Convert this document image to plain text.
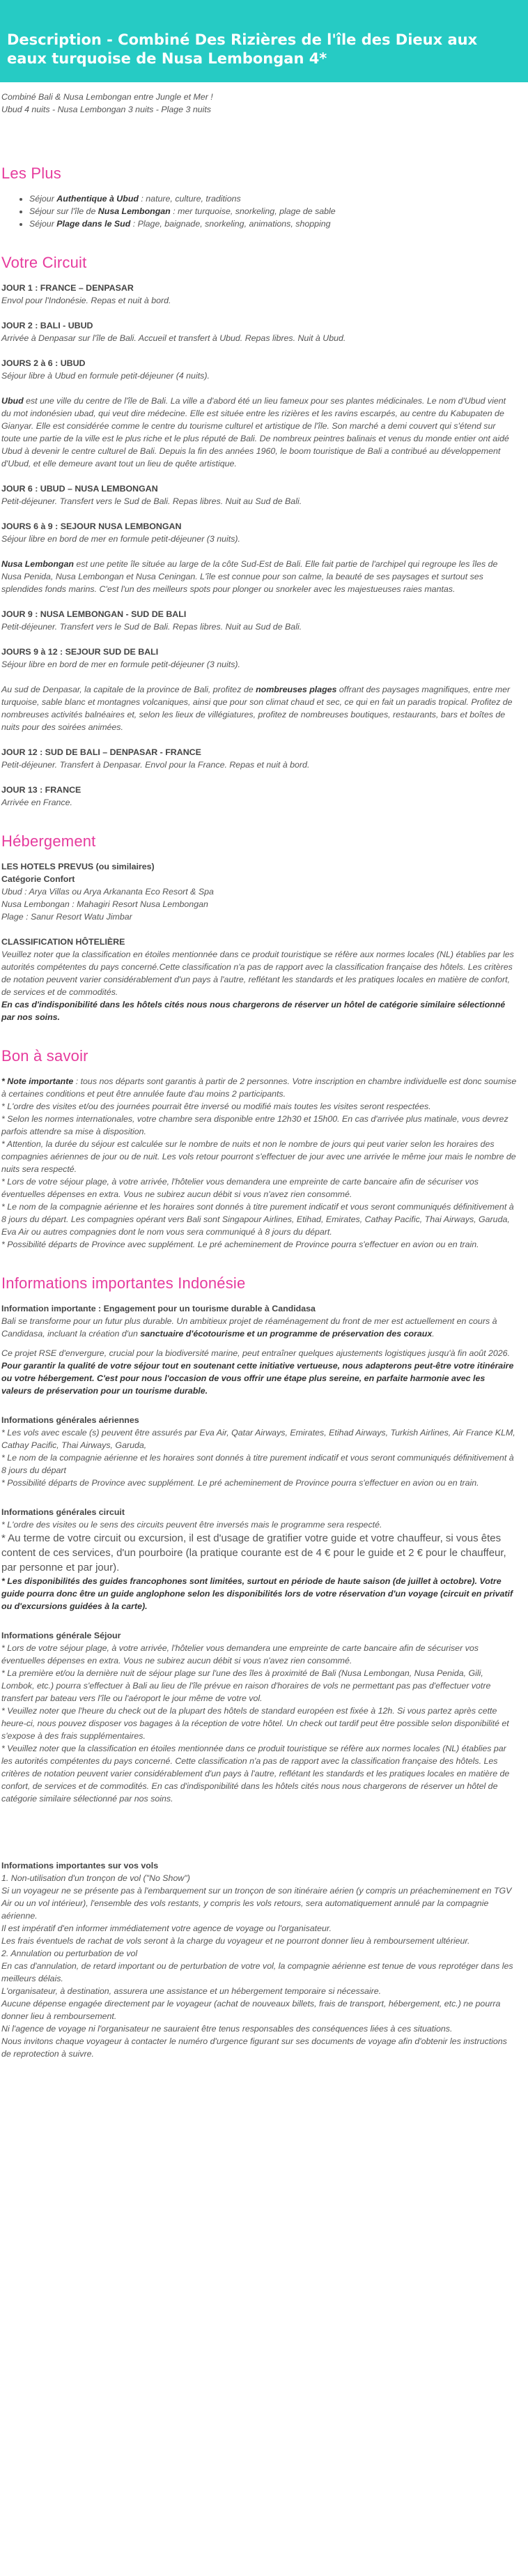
Description - Combiné Des Rizières de l'île des Dieux aux eaux turquoise de Nusa Lembongan 4*

Combiné Bali & Nusa Lembongan entre Jungle et Mer !

Ubud 4 nuits - Nusa Lembongan 3 nuits - Plage 3 nuits

Les Plus
• Séjour Authentique à Ubud : nature, culture, traditions
• Séjour sur l'île de Nusa Lembongan : mer turquoise, snorkeling, plage de sable
• Séjour Plage dans le Sud : Plage, baignade, snorkeling, animations, shopping
Votre Circuit
JOUR 1 : FRANCE – DENPASAR

Envol pour l'Indonésie. Repas et nuit à bord.

JOUR 2 : BALI - UBUD

Arrivée à Denpasar sur l'île de Bali. Accueil et transfert à Ubud. Repas libres. Nuit à Ubud.

JOURS 2 à 6 : UBUD

Séjour libre à Ubud en formule petit-déjeuner (4 nuits).

Ubud est une ville du centre de l'île de Bali. La ville a d'abord été un lieu fameux pour ses plantes médicinales. Le nom d'Ubud vient du mot indonésien ubad, qui veut dire médecine. Elle est située entre les rizières et les ravins escarpés, au centre du Kabupaten de Gianyar. Elle est considérée comme le centre du tourisme culturel et artistique de l'île. Son marché a demi couvert qui s'étend sur toute une partie de la ville est le plus riche et le plus réputé de Bali. De nombreux peintres balinais et venus du monde entier ont aidé Ubud à devenir le centre culturel de Bali. Depuis la fin des années 1960, le boom touristique de Bali a contribué au développement d'Ubud, et elle demeure avant tout un lieu de quête artistique.

JOUR 6 : UBUD – NUSA LEMBONGAN

Petit-déjeuner. Transfert vers le Sud de Bali. Repas libres. Nuit au Sud de Bali.

JOURS 6 à 9 : SEJOUR NUSA LEMBONGAN

Séjour libre en bord de mer en formule petit-déjeuner (3 nuits).

Nusa Lembongan est une petite île située au large de la côte Sud-Est de Bali. Elle fait partie de l'archipel qui regroupe les îles de Nusa Penida, Nusa Lembongan et Nusa Ceningan. L'île est connue pour son calme, la beauté de ses paysages et surtout ses splendides fonds marins. C'est l'un des meilleurs spots pour plonger ou snorkeler avec les majestueuses raies mantas.

JOUR 9 : NUSA LEMBONGAN - SUD DE BALI

Petit-déjeuner. Transfert vers le Sud de Bali. Repas libres. Nuit au Sud de Bali.

JOURS 9 à 12 : SEJOUR SUD DE BALI

Séjour libre en bord de mer en formule petit-déjeuner (3 nuits).

Au sud de Denpasar, la capitale de la province de Bali, profitez de nombreuses plages offrant des paysages magnifiques, entre mer turquoise, sable blanc et montagnes volcaniques, ainsi que pour son climat chaud et sec, ce qui en fait un paradis tropical. Profitez de nombreuses activités balnéaires et, selon les lieux de villégiatures, profitez de nombreuses boutiques, restaurants, bars et boîtes de nuits pour des soirées animées.

JOUR 12 : SUD DE BALI – DENPASAR - FRANCE

Petit-déjeuner. Transfert à Denpasar. Envol pour la France. Repas et nuit à bord.

JOUR 13 : FRANCE

Arrivée en France.

Hébergement
LES HOTELS PREVUS (ou similaires)
Catégorie Confort

Ubud : Arya Villas ou Arya Arkananta Eco Resort & Spa

Nusa Lembongan : Mahagiri Resort Nusa Lembongan

Plage : Sanur Resort Watu Jimbar

CLASSIFICATION HÔTELIÈRE

Veuillez noter que la classification en étoiles mentionnée dans ce produit touristique se réfère aux normes locales (NL) établies par les autorités compétentes du pays concerné.Cette classification n'a pas de rapport avec la classification française des hôtels. Les critères de notation peuvent varier considérablement d'un pays à l'autre, reflétant les standards et les pratiques locales en matière de confort, de services et de commodités.

En cas d'indisponibilité dans les hôtels cités nous nous chargerons de réserver un hôtel de catégorie similaire sélectionné par nos soins.

Bon à savoir

* Note importante : tous nos départs sont garantis à partir de 2 personnes. Votre inscription en chambre individuelle est donc soumise à certaines conditions et peut être annulée faute d'au moins 2 participants.

* L'ordre des visites et/ou des journées pourrait être inversé ou modifié mais toutes les visites seront respectées.

* Selon les normes internationales, votre chambre sera disponible entre 12h30 et 15h00. En cas d'arrivée plus matinale, vous devrez parfois attendre sa mise à disposition.

* Attention, la durée du séjour est calculée sur le nombre de nuits et non le nombre de jours qui peut varier selon les horaires des compagnies aériennes de jour ou de nuit. Les vols retour pourront s'effectuer de jour avec une arrivée le même jour mais le nombre de nuits sera respecté.

* Lors de votre séjour plage, à votre arrivée, l'hôtelier vous demandera une empreinte de carte bancaire afin de sécuriser vos éventuelles dépenses en extra. Vous ne subirez aucun débit si vous n'avez rien consommé.

* Le nom de la compagnie aérienne et les horaires sont donnés à titre purement indicatif et vous seront communiqués définitivement à 8 jours du départ. Les compagnies opérant vers Bali sont Singapour Airlines, Etihad, Emirates, Cathay Pacific, Thai Airways, Garuda, Eva Air ou autres compagnies dont le nom vous sera communiqué à 8 jours du départ.

* Possibilité départs de Province avec supplément. Le pré acheminement de Province pourra s'effectuer en avion ou en train.

Informations importantes Indonésie
Information importante : Engagement pour un tourisme durable à Candidasa

Bali se transforme pour un futur plus durable. Un ambitieux projet de réaménagement du front de mer est actuellement en cours à Candidasa, incluant la création d'un sanctuaire d'écotourisme et un programme de préservation des coraux.

Ce projet RSE d'envergure, crucial pour la biodiversité marine, peut entraîner quelques ajustements logistiques jusqu'à fin août 2026. Pour garantir la qualité de votre séjour tout en soutenant cette initiative vertueuse, nous adapterons peut-être votre itinéraire ou votre hébergement. C'est pour nous l'occasion de vous offrir une étape plus sereine, en parfaite harmonie avec les valeurs de préservation pour un tourisme durable.

Informations générales aériennes

* Les vols avec escale (s) peuvent être assurés par Eva Air, Qatar Airways, Emirates, Etihad Airways, Turkish Airlines, Air France KLM, Cathay Pacific, Thai Airways, Garuda,

* Le nom de la compagnie aérienne et les horaires sont donnés à titre purement indicatif et vous seront communiqués définitivement à 8 jours du départ

* Possibilité départs de Province avec supplément. Le pré acheminement de Province pourra s'effectuer en avion ou en train.

Informations générales circuit

* L'ordre des visites ou le sens des circuits peuvent être inversés mais le programme sera respecté.

* Au terme de votre circuit ou excursion, il est d'usage de gratifier votre guide et votre chauffeur, si vous êtes content de ces services, d'un pourboire (la pratique courante est de 4 € pour le guide et 2 € pour le chauffeur, par personne et par jour).

* Les disponibilités des guides francophones sont limitées, surtout en période de haute saison (de juillet à octobre). Votre guide pourra donc être un guide anglophone selon les disponibilités lors de votre réservation d'un voyage (circuit en privatif ou d'excursions guidées à la carte).

Informations générale Séjour

* Lors de votre séjour plage, à votre arrivée, l'hôtelier vous demandera une empreinte de carte bancaire afin de sécuriser vos éventuelles dépenses en extra. Vous ne subirez aucun débit si vous n'avez rien consommé.

* La première et/ou la dernière nuit de séjour plage sur l'une des îles à proximité de Bali (Nusa Lembongan, Nusa Penida, Gili, Lombok, etc.) pourra s'effectuer à Bali au lieu de l'île prévue en raison d'horaires de vols ne permettant pas pas d'effectuer votre transfert par bateau vers l'île ou l'aéroport le jour même de votre vol.

* Veuillez noter que l'heure du check out de la plupart des hôtels de standard européen est fixée à 12h. Si vous partez après cette heure-ci, nous pouvez disposer vos bagages à la réception de votre hôtel. Un check out tardif peut être possible selon disponibilité et s'expose à des frais supplémentaires.

* Veuillez noter que la classification en étoiles mentionnée dans ce produit touristique se réfère aux normes locales (NL) établies par les autorités compétentes du pays concerné. Cette classification n'a pas de rapport avec la classification française des hôtels. Les critères de notation peuvent varier considérablement d'un pays à l'autre, reflétant les standards et les pratiques locales en matière de confort, de services et de commodités. En cas d'indisponibilité dans les hôtels cités nous nous chargerons de réserver un hôtel de catégorie similaire sélectionné par nos soins.

Informations importantes sur vos vols

1. Non-utilisation d'un tronçon de vol ("No Show")

Si un voyageur ne se présente pas à l'embarquement sur un tronçon de son itinéraire aérien (y compris un préacheminement en TGV Air ou un vol intérieur), l'ensemble des vols restants, y compris les vols retours, sera automatiquement annulé par la compagnie aérienne.

Il est impératif d'en informer immédiatement votre agence de voyage ou l'organisateur.

Les frais éventuels de rachat de vols seront à la charge du voyageur et ne pourront donner lieu à remboursement ultérieur.

2. Annulation ou perturbation de vol

En cas d'annulation, de retard important ou de perturbation de votre vol, la compagnie aérienne est tenue de vous reprotéger dans les meilleurs délais.

L'organisateur, à destination, assurera une assistance et un hébergement temporaire si nécessaire.

Aucune dépense engagée directement par le voyageur (achat de nouveaux billets, frais de transport, hébergement, etc.) ne pourra donner lieu à remboursement.

Ni l'agence de voyage ni l'organisateur ne sauraient être tenus responsables des conséquences liées à ces situations.

Nous invitons chaque voyageur à contacter le numéro d'urgence figurant sur ses documents de voyage afin d'obtenir les instructions de reprotection à suivre.
